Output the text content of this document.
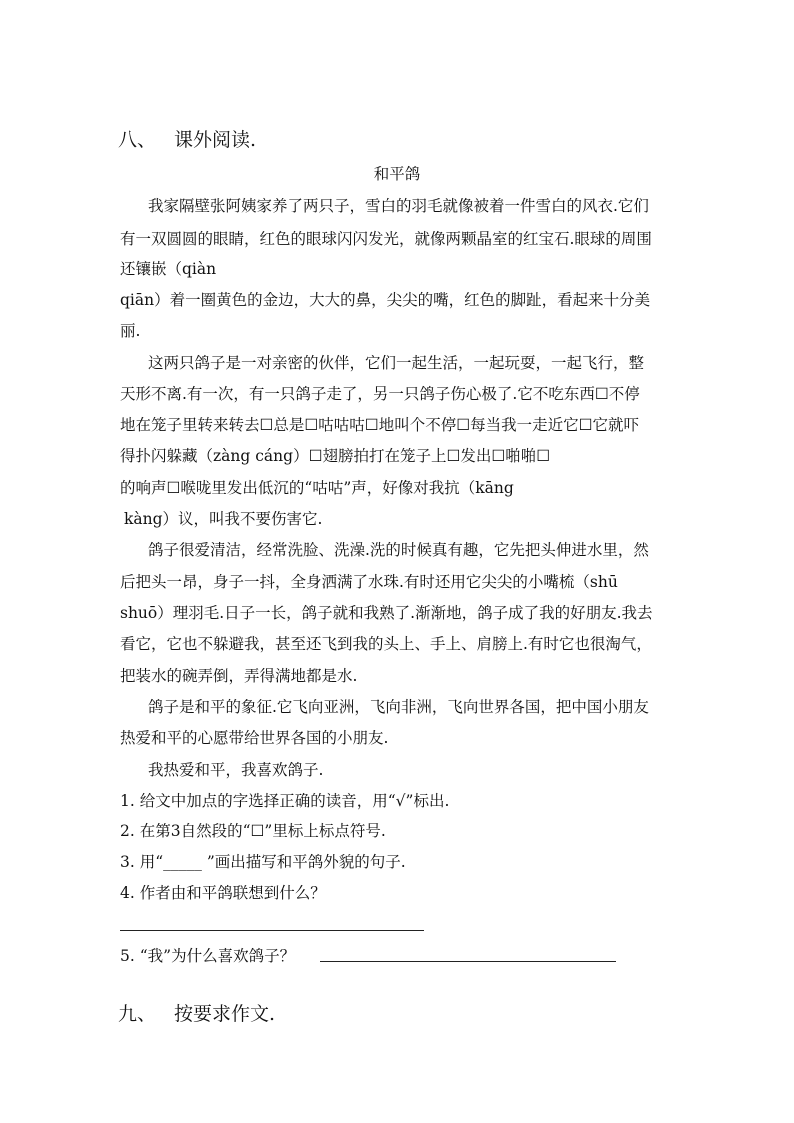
八、 课外阅读.
和平鸽
我家隔壁张阿姨家养了两只子，雪白的羽毛就像被着一件雪白的风衣.它们
有一双圆圆的眼睛，红色的眼球闪闪发光，就像两颗晶室的红宝石.眼球的周围
还镶嵌（qiàn
qiān）着一圈黄色的金边，大大的鼻，尖尖的嘴，红色的脚趾，看起来十分美
丽.
这两只鸽子是一对亲密的伙伴，它们一起生活，一起玩耍，一起飞行，整
天形不离.有一次，有一只鸽子走了，另一只鸽子伤心极了.它不吃东西☐不停
地在笼子里转来转去☐总是☐咕咕咕☐地叫个不停☐每当我一走近它☐它就吓
得扑闪躲藏（zàng cáng）☐翅膀拍打在笼子上☐发出☐啪啪☐
的响声☐喉咙里发出低沉的“咕咕”声，好像对我抗（kāng
kàng）议，叫我不要伤害它.
鸽子很爱清洁，经常洗脸、洗澡.洗的时候真有趣，它先把头伸进水里，然
后把头一昂，身子一抖，全身洒满了水珠.有时还用它尖尖的小嘴梳（shū
shuō）理羽毛.日子一长，鸽子就和我熟了.渐渐地，鸽子成了我的好朋友.我去
看它，它也不躲避我，甚至还飞到我的头上、手上、肩膀上.有时它也很淘气，
把装水的碗弄倒，弄得满地都是水.
鸽子是和平的象征.它飞向亚洲，飞向非洲，飞向世界各国，把中国小朋友
热爱和平的心愿带给世界各国的小朋友.
我热爱和平，我喜欢鸽子.
1. 给文中加点的字选择正确的读音，用“√”标出.
2. 在第3自然段的“☐”里标上标点符号.
3. 用“_____ ”画出描写和平鸽外貌的句子.
4. 作者由和平鸽联想到什么？
5. “我”为什么喜欢鸽子？
九、 按要求作文.
